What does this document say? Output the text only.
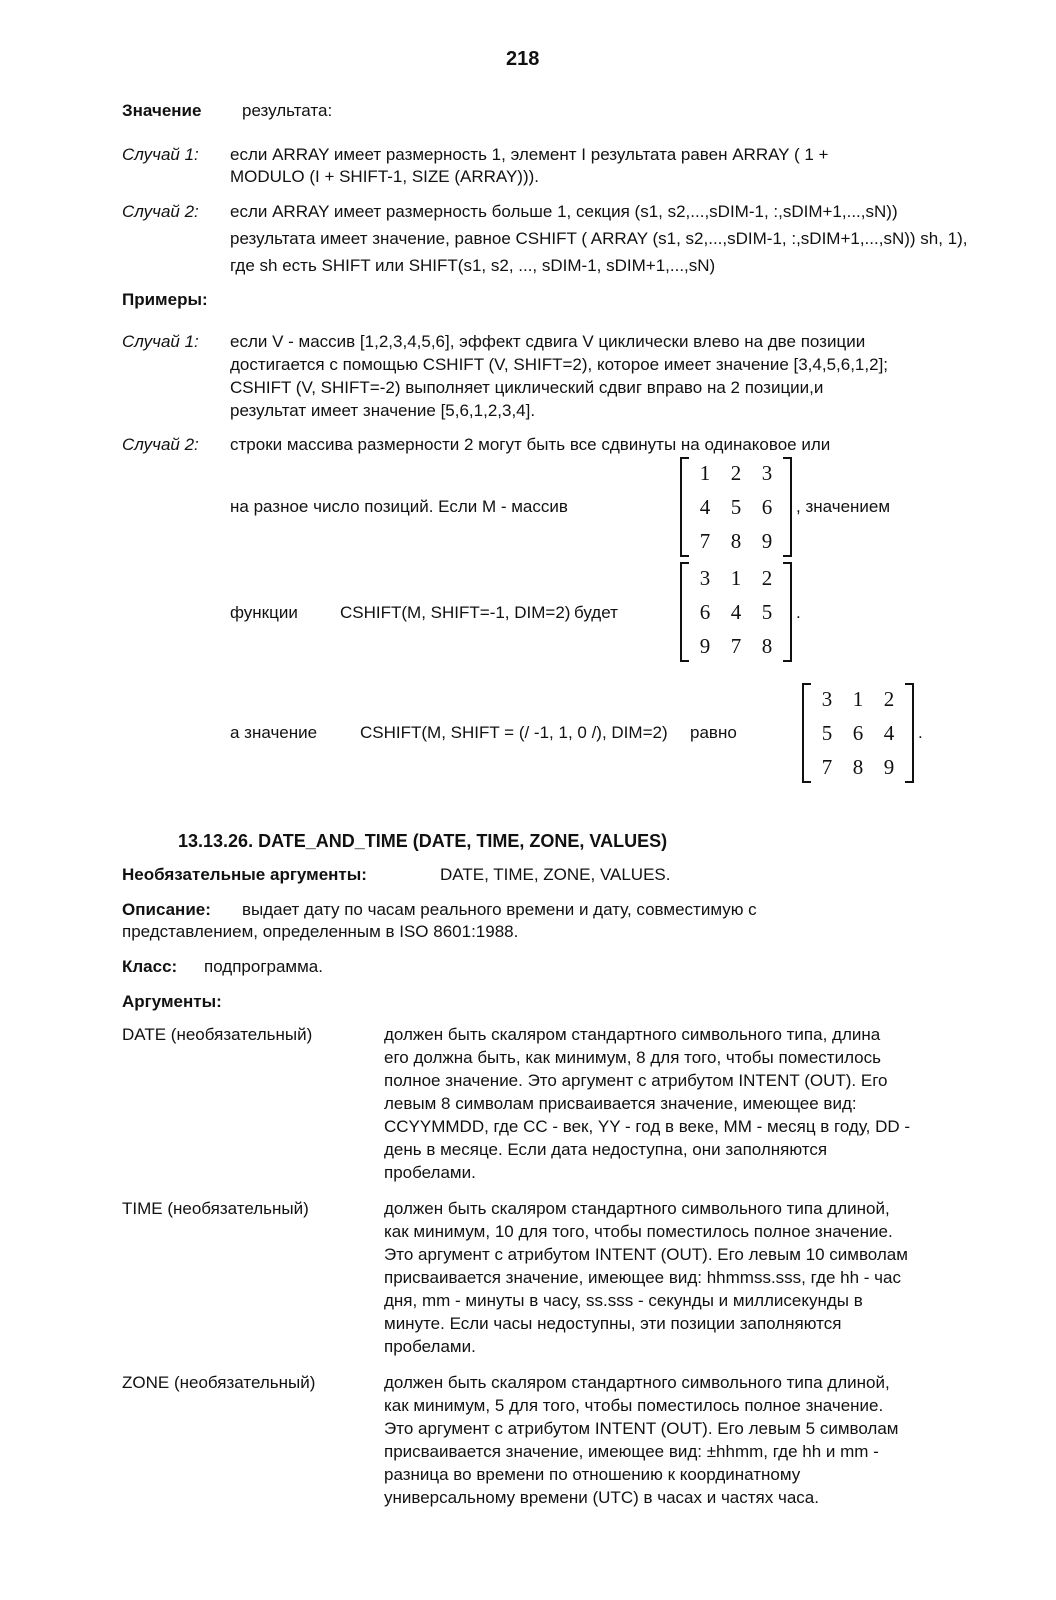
218
Значение результата:
Случай 1: если ARRAY имеет размерность 1, элемент I результата равен ARRAY ( 1 +
MODULO (I + SHIFT-1, SIZE (ARRAY))).
Случай 2: если ARRAY имеет размерность больше 1, секция (s1, s2,...,sDIM-1, :,sDIM+1,...,sN))
результата имеет значение, равное CSHIFT ( ARRAY (s1, s2,...,sDIM-1, :,sDIM+1,...,sN)) sh, 1),
где sh есть SHIFT или SHIFT(s1, s2, ..., sDIM-1, sDIM+1,...,sN)
Примеры:
Случай 1: если V - массив [1,2,3,4,5,6], эффект сдвига V циклически влево на две позиции
достигается с помощью CSHIFT (V, SHIFT=2), которое имеет значение [3,4,5,6,1,2];
CSHIFT (V, SHIFT=-2) выполняет циклический сдвиг вправо на 2 позиции,и
результат имеет значение [5,6,1,2,3,4].
Случай 2: строки массива размерности 2 могут быть все сдвинуты на одинаковое или
на разное число позиций. Если M - массив
1 2 3
4 5 6
7 8 9
, значением
функции CSHIFT(M, SHIFT=-1, DIM=2) будет
3 1 2
6 4 5
9 7 8
.
а значение	CSHIFT(M, SHIFT = (/ -1, 1, 0 /), DIM=2) равно
3 1 2
5 6 4
7 8 9
.
13.13.26. DATE_AND_TIME (DATE, TIME, ZONE, VALUES)
Необязательные аргументы:	DATE, TIME, ZONE, VALUES.
Описание: выдает дату по часам реального времени и дату, совместимую с
представлением, определенным в ISO 8601:1988.
Класс: подпрограмма.
Аргументы:
DATE (необязательный)	должен быть скаляром стандартного символьного типа, длина
его должна быть, как минимум, 8 для того, чтобы поместилось
полное значение. Это аргумент с атрибутом INTENT (OUT). Его
левым 8 символам присваивается значение, имеющее вид:
CCYYMMDD, где CC - век, YY - год в веке, MM - месяц в году, DD -
день в месяце. Если дата недоступна, они заполняются
пробелами.
TIME (необязательный)	должен быть скаляром стандартного символьного типа длиной,
как минимум, 10 для того, чтобы поместилось полное значение.
Это аргумент с атрибутом INTENT (OUT). Его левым 10 символам
присваивается значение, имеющее вид: hhmmss.sss, где hh - час
дня, mm - минуты в часу, ss.sss - секунды и миллисекунды в
минуте. Если часы недоступны, эти позиции заполняются
пробелами.
ZONE (необязательный)	должен быть скаляром стандартного символьного типа длиной,
как минимум, 5 для того, чтобы поместилось полное значение.
Это аргумент с атрибутом INTENT (OUT). Его левым 5 символам
присваивается значение, имеющее вид: ±hhmm, где hh и mm -
разница во времени по отношению к координатному
универсальному времени (UTC) в часах и частях часа.
